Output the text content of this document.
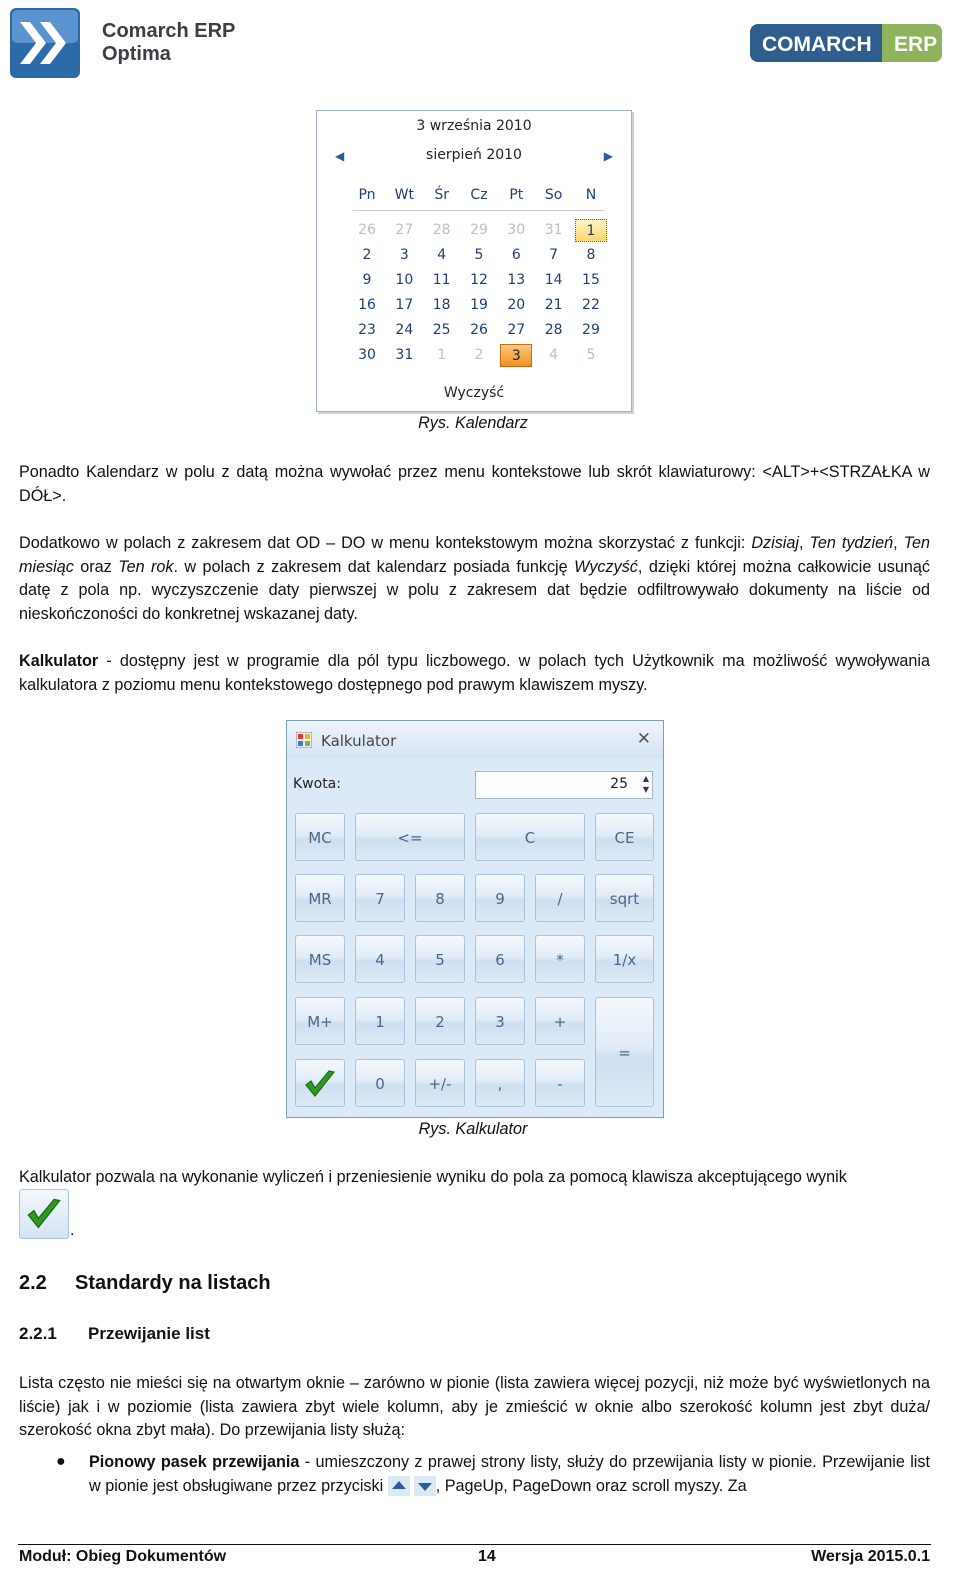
Comarch ERP
Optima	COMARCH ERP
3 września 2010
sierpień 2010
◀	▶
Pn	Wt	Śr	Cz	Pt	So	N
26	27	28	29	30	31	1
2	3	4	5	6	7	8
9	10	11	12	13	14	15
16	17	18	19	20	21	22
23	24	25	26	27	28	29
30	31	1	2	3	4	5
Wyczyść
Rys. Kalendarz
Ponadto Kalendarz w polu z datą można wywołać przez menu kontekstowe lub skrót klawiaturowy: <ALT>+<STRZAŁKA w DÓŁ>.
Dodatkowo w polach z zakresem dat OD – DO w menu kontekstowym można skorzystać z funkcji: Dzisiaj, Ten tydzień, Ten miesiąc oraz Ten rok. w polach z zakresem dat kalendarz posiada funkcję Wyczyść, dzięki której można całkowicie usunąć datę z pola np. wyczyszczenie daty pierwszej w polu z zakresem dat będzie odfiltrowywało dokumenty na liście od nieskończoności do konkretnej wskazanej daty.
Kalkulator - dostępny jest w programie dla pól typu liczbowego. w polach tych Użytkownik ma możliwość wywoływania kalkulatora z poziomu menu kontekstowego dostępnego pod prawym klawiszem myszy.
Kalkulator	✕
Kwota:	25 ▲
▼
MC	<=	C	CE
MR	7	8	9	/	sqrt
MS	4	5	6	*	1/x
M+	1	2	3	+
=
0	+/-	,	-
Rys. Kalkulator
Kalkulator pozwala na wykonanie wyliczeń i przeniesienie wyniku do pola za pomocą klawisza akceptującego wynik
.
2.2 Standardy na listach
2.2.1 Przewijanie list
Lista często nie mieści się na otwartym oknie – zarówno w pionie (lista zawiera więcej pozycji, niż może być wyświetlonych na liście) jak i w poziomie (lista zawiera zbyt wiele kolumn, aby je zmieścić w oknie albo szerokość kolumn jest zbyt duża/ szerokość okna zbyt mała). Do przewijania listy służą:
● Pionowy pasek przewijania - umieszczony z prawej strony listy, służy do przewijania listy w pionie. Przewijanie list w pionie jest obsługiwane przez przyciski	, PageUp, PageDown oraz scroll myszy. Za
Moduł: Obieg Dokumentów	14	Wersja 2015.0.1
